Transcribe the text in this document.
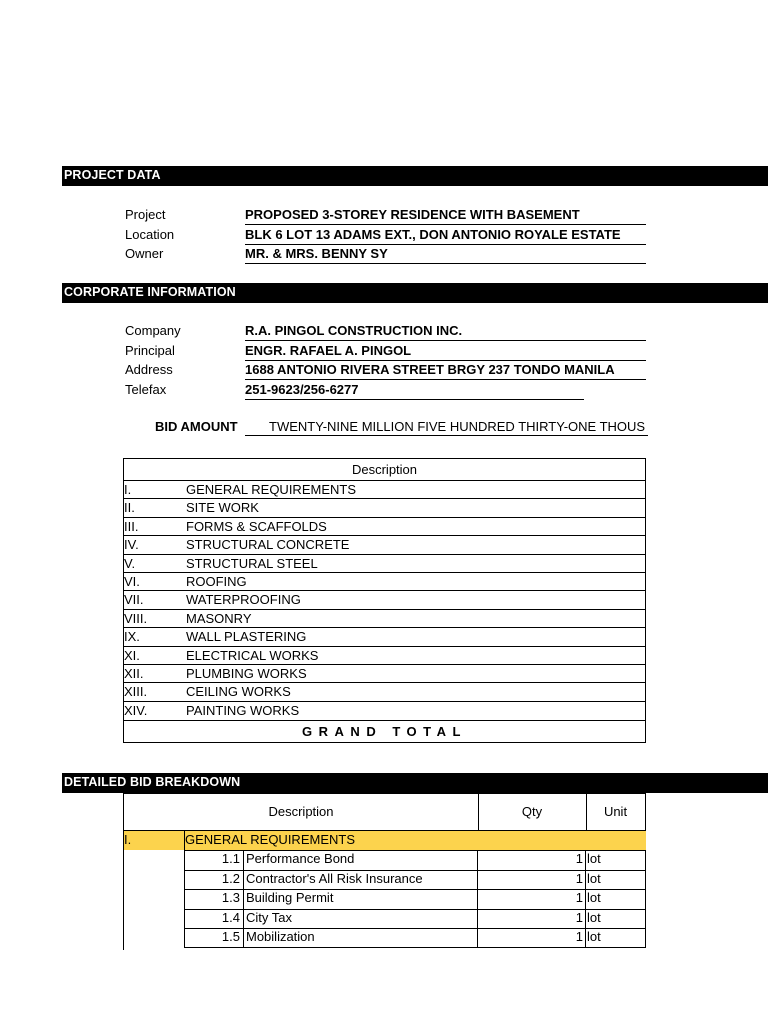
PROJECT DATA
Project	PROPOSED 3-STOREY RESIDENCE WITH BASEMENT
Location	BLK 6 LOT 13 ADAMS EXT., DON ANTONIO ROYALE ESTATE
Owner	MR. & MRS. BENNY SY
CORPORATE INFORMATION
Company	R.A. PINGOL CONSTRUCTION INC.
Principal	ENGR. RAFAEL A. PINGOL
Address	1688 ANTONIO RIVERA STREET BRGY 237 TONDO MANILA
Telefax	251-9623/256-6277
BID AMOUNT	TWENTY-NINE MILLION FIVE HUNDRED THIRTY-ONE THOUS
Description
I.	GENERAL REQUIREMENTS
II.	SITE WORK
III.	FORMS & SCAFFOLDS
IV.	STRUCTURAL CONCRETE
V.	STRUCTURAL STEEL
VI.	ROOFING
VII.	WATERPROOFING
VIII.	MASONRY
IX.	WALL PLASTERING
XI.	ELECTRICAL WORKS
XII.	PLUMBING WORKS
XIII.	CEILING WORKS
XIV.	PAINTING WORKS
GRAND TOTAL
DETAILED BID BREAKDOWN
Description	Qty	Unit
I.	GENERAL REQUIREMENTS
1.1 Performance Bond	1 lot
1.2 Contractor's All Risk Insurance	1 lot
1.3 Building Permit	1 lot
1.4 City Tax	1 lot
1.5 Mobilization	1 lot
